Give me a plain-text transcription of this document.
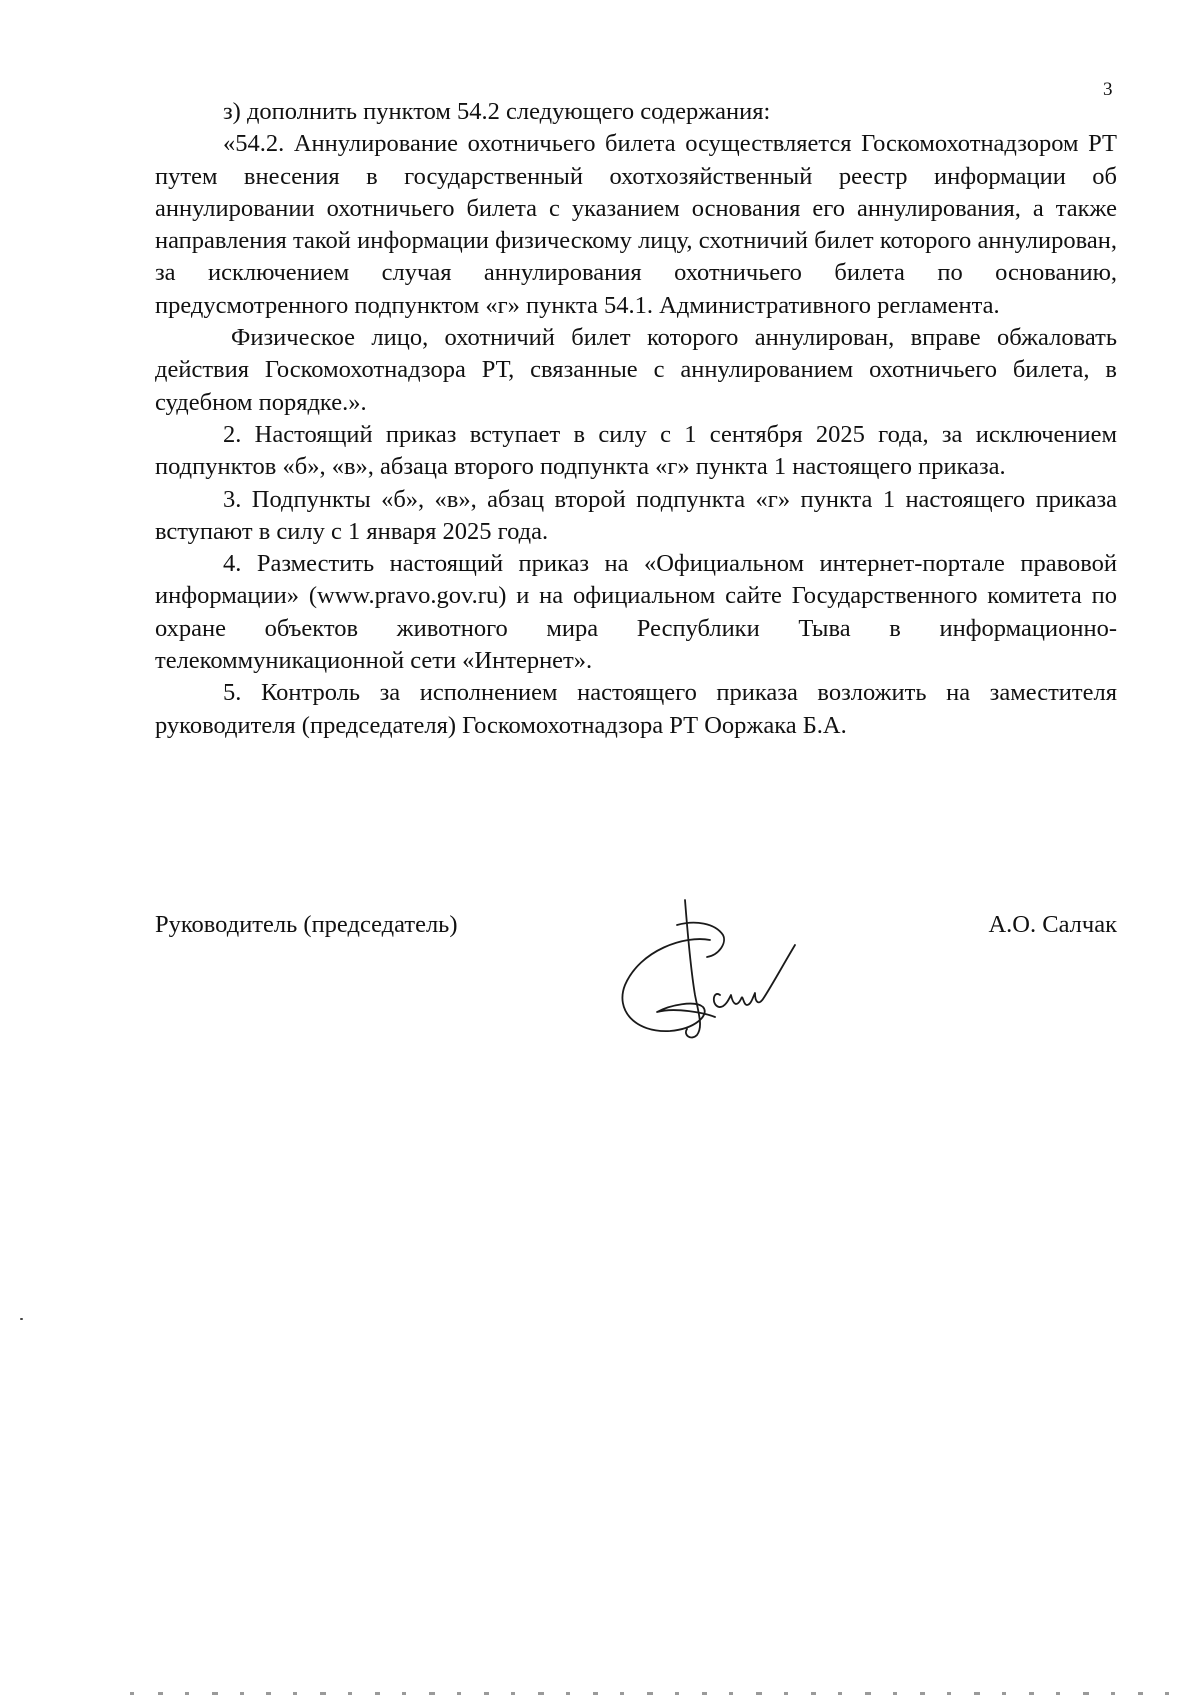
3

з) дополнить пунктом 54.2 следующего содержания:

«54.2. Аннулирование охотничьего билета осуществляется Госкомохотнадзором РТ путем внесения в государственный охотхозяйственный реестр информации об аннулировании охотничьего билета с указанием основания его аннулирования, а также направления такой информации физическому лицу, схотничий билет которого аннулирован, за исключением случая аннулирования охотничьего билета по основанию, предусмотренного подпунктом «г» пункта 54.1. Административного регламента.

Физическое лицо, охотничий билет которого аннулирован, вправе обжаловать действия Госкомохотнадзора РТ, связанные с аннулированием охотничьего билета, в судебном порядке.».

2. Настоящий приказ вступает в силу с 1 сентября 2025 года, за исключением подпунктов «б», «в», абзаца второго подпункта «г» пункта 1 настоящего приказа.

3. Подпункты «б», «в», абзац второй подпункта «г» пункта 1 настоящего приказа вступают в силу с 1 января 2025 года.

4. Разместить настоящий приказ на «Официальном интернет-портале правовой информации» (www.pravo.gov.ru) и на официальном сайте Государственного комитета по охране объектов животного мира Республики Тыва в информационно-телекоммуникационной сети «Интернет».

5. Контроль за исполнением настоящего приказа возложить на заместителя руководителя (председателя) Госкомохотнадзора РТ Ооржака Б.А.

Руководитель (председатель)	А.О. Салчак
